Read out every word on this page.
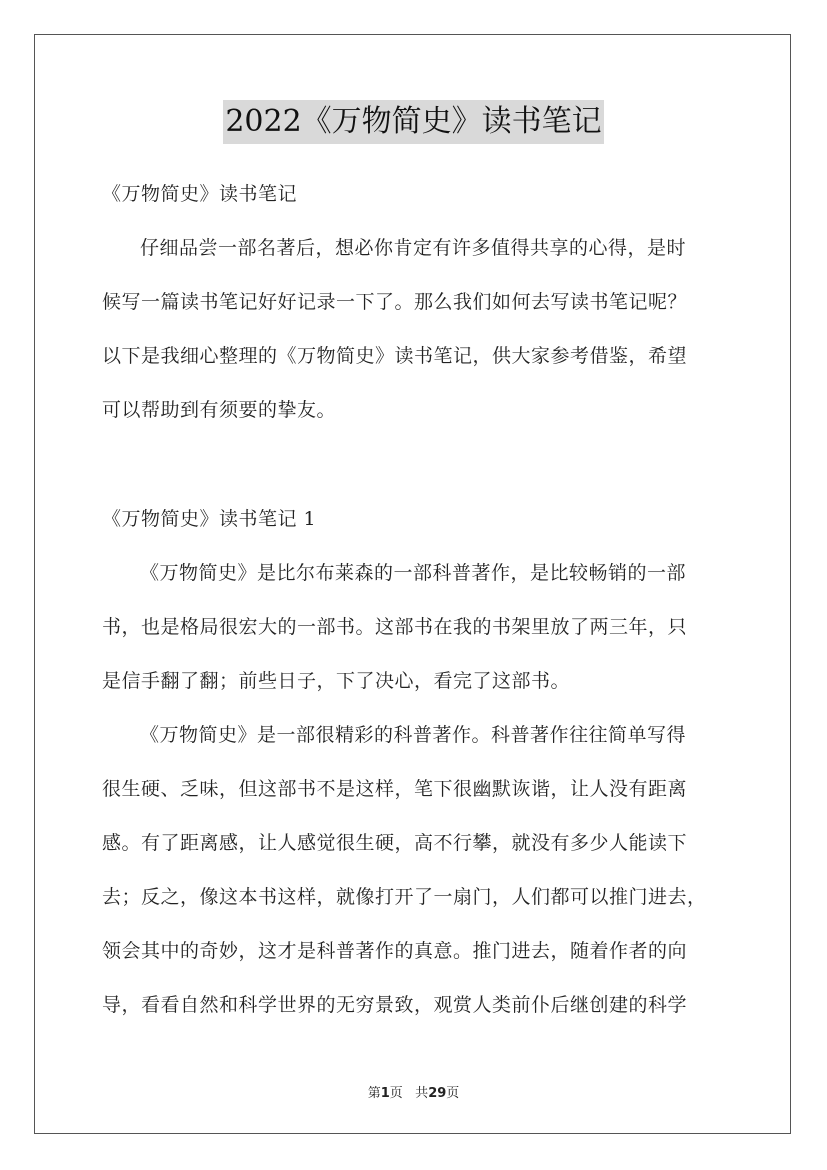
2022《万物简史》读书笔记
《万物简史》读书笔记
仔细品尝一部名著后，想必你肯定有许多值得共享的心得，是时
候写一篇读书笔记好好记录一下了。那么我们如何去写读书笔记呢？
以下是我细心整理的《万物简史》读书笔记，供大家参考借鉴，希望
可以帮助到有须要的挚友。
《万物简史》读书笔记 1
《万物简史》是比尔布莱森的一部科普著作，是比较畅销的一部
书，也是格局很宏大的一部书。这部书在我的书架里放了两三年，只
是信手翻了翻；前些日子，下了决心，看完了这部书。
《万物简史》是一部很精彩的科普著作。科普著作往往简单写得
很生硬、乏味，但这部书不是这样，笔下很幽默诙谐，让人没有距离
感。有了距离感，让人感觉很生硬，高不行攀，就没有多少人能读下
去；反之，像这本书这样，就像打开了一扇门，人们都可以推门进去，
领会其中的奇妙，这才是科普著作的真意。推门进去，随着作者的向
导，看看自然和科学世界的无穷景致，观赏人类前仆后继创建的科学
第1页 共29页
